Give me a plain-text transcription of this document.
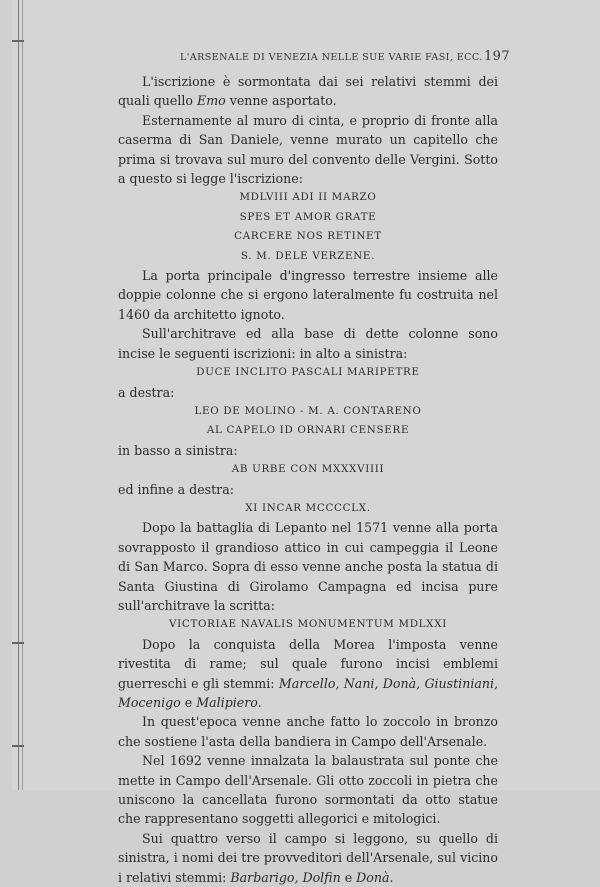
L'ARSENALE DI VENEZIA NELLE SUE VARIE FASI, ECC. 197

L'iscrizione è sormontata dai sei relativi stemmi dei quali quello Emo venne asportato.

Esternamente al muro di cinta, e proprio di fronte alla caserma di San Daniele, venne murato un capitello che prima si trovava sul muro del convento delle Vergini. Sotto a questo si legge l'iscrizione:

MDLVIII ADI II MARZO

SPES ET AMOR GRATE

CARCERE NOS RETINET

S. M. DELE VERZENE.

La porta principale d'ingresso terrestre insieme alle doppie colonne che si ergono lateralmente fu costruita nel 1460 da architetto ignoto.

Sull'architrave ed alla base di dette colonne sono incise le seguenti iscrizioni: in alto a sinistra:

DUCE INCLITO PASCALI MARIPETRE

a destra:

LEO DE MOLINO - M. A. CONTARENO

AL CAPELO ID ORNARI CENSERE

in basso a sinistra:

AB URBE CON MXXXVIIII

ed infine a destra:

XI INCAR MCCCCLX.

Dopo la battaglia di Lepanto nel 1571 venne alla porta sovrapposto il grandioso attico in cui campeggia il Leone di San Marco. Sopra di esso venne anche posta la statua di Santa Giustina di Girolamo Campagna ed incisa pure sull'architrave la scritta:

VICTORIAE NAVALIS MONUMENTUM MDLXXI

Dopo la conquista della Morea l'imposta venne rivestita di rame; sul quale furono incisi emblemi guerreschi e gli stemmi: Marcello, Nani, Donà, Giustiniani, Mocenigo e Malipiero.

In quest'epoca venne anche fatto lo zoccolo in bronzo che sostiene l'asta della bandiera in Campo dell'Arsenale.

Nel 1692 venne innalzata la balaustrata sul ponte che mette in Campo dell'Arsenale. Gli otto zoccoli in pietra che uniscono la cancellata furono sormontati da otto statue che rappresentano soggetti allegorici e mitologici.

Sui quattro verso il campo si leggono, su quello di sinistra, i nomi dei tre provveditori dell'Arsenale, sul vicino i relativi stemmi: Barbarigo, Dolfin e Donà.
